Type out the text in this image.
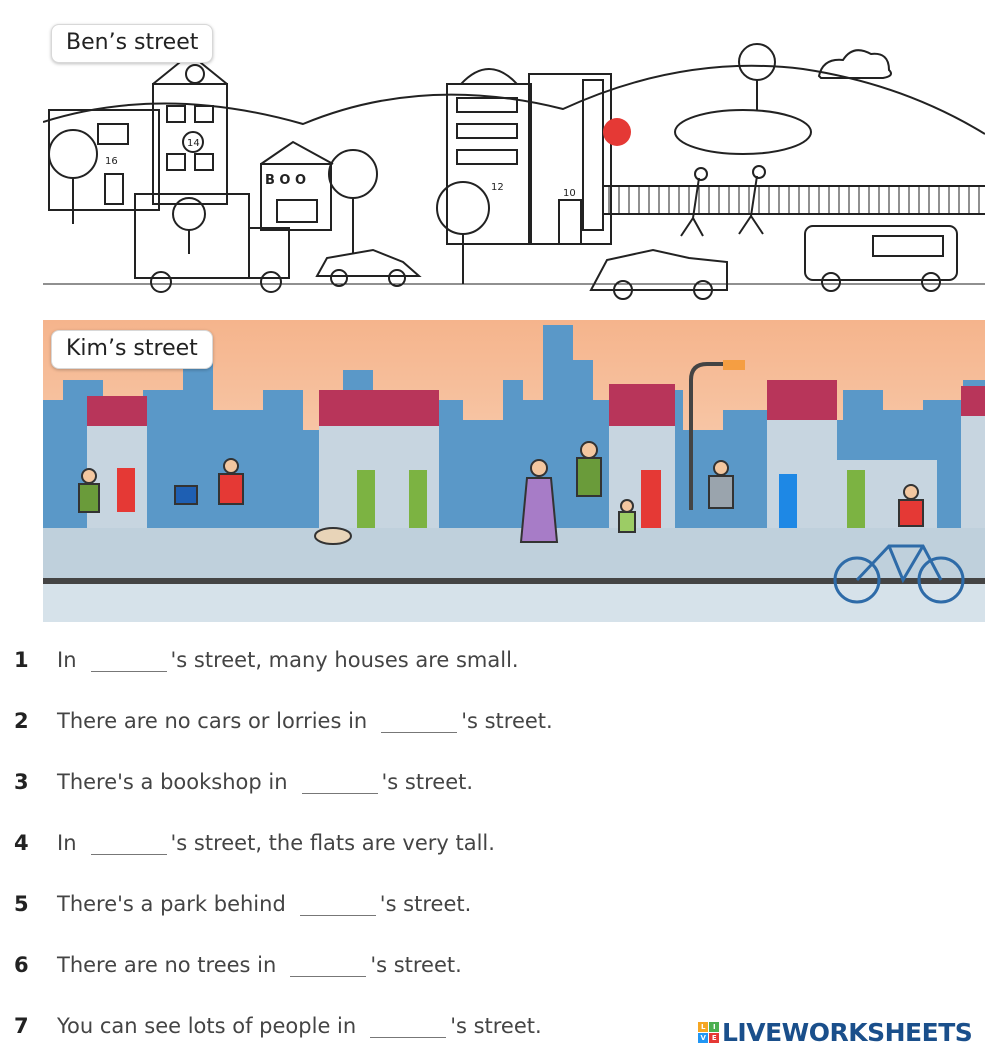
B O O
16
14
12
10
Ben’s street
Kim’s street
1	In	's street, many houses are small.
2	There are no cars or lorries in	's street.
3	There's a bookshop in	's street.
4	In	's street, the flats are very tall.
5	There's a park behind	's street.
6	There are no trees in	's street.
7	You can see lots of people in	's street.	L	I
V E LIVEWORKSHEETS
